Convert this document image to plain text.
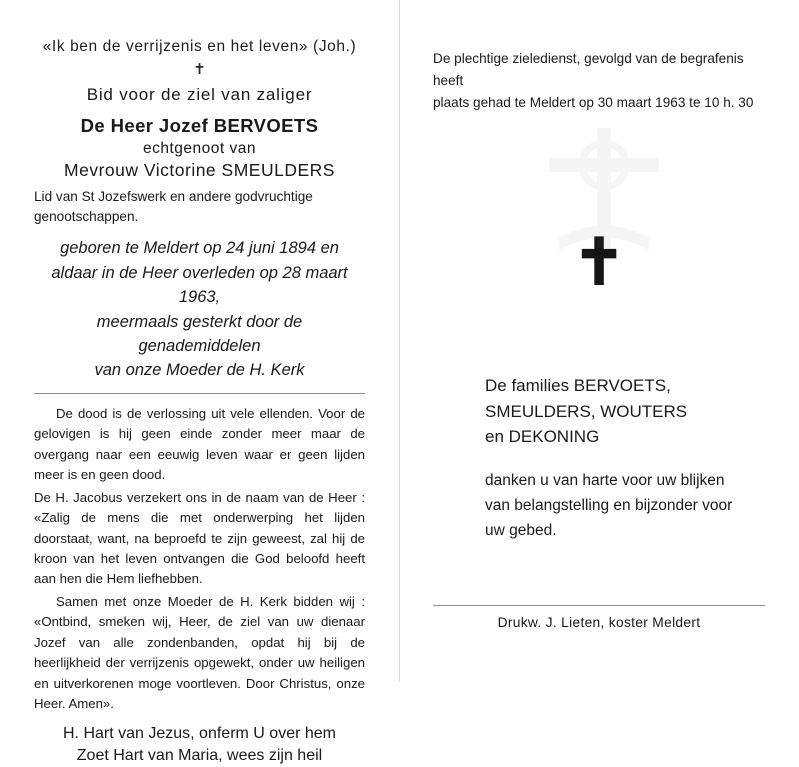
«Ik ben de verrijzenis en het leven» (Joh.)

✝

Bid voor de ziel van zaliger

De Heer Jozef BERVOETS

echtgenoot van

Mevrouw Victorine SMEULDERS

Lid van St Jozefswerk en andere godvruchtige genootschappen.

geboren te Meldert op 24 juni 1894 en
aldaar in de Heer overleden op 28 maart 1963,
meermaals gesterkt door de genademiddelen
van onze Moeder de H. Kerk

De dood is de verlossing uit vele ellenden. Voor de gelovigen is hij geen einde zonder meer maar de overgang naar een eeuwig leven waar er geen lijden meer is en geen dood.

De H. Jacobus verzekert ons in de naam van de Heer : «Zalig de mens die met onderwerping het lijden doorstaat, want, na beproefd te zijn geweest, zal hij de kroon van het leven ontvangen die God beloofd heeft aan hen die Hem liefhebben.

Samen met onze Moeder de H. Kerk bidden wij : «Ontbind, smeken wij, Heer, de ziel van uw dienaar Jozef van alle zondenbanden, opdat hij bij de heerlijkheid der verrijzenis opgewekt, onder uw heiligen en uitverkorenen moge voortleven. Door Christus, onze Heer. Amen».

H. Hart van Jezus, onferm U over hem
Zoet Hart van Maria, wees zijn heil
De plechtige zieledienst, gevolgd van de begrafenis heeft
plaats gehad te Meldert op 30 maart 1963 te 10 h. 30
✝
De families BERVOETS,
SMEULDERS, WOUTERS
en DEKONING
danken u van harte voor uw blijken
van belangstelling en bijzonder voor
uw gebed.
Drukw. J. Lieten, koster Meldert
